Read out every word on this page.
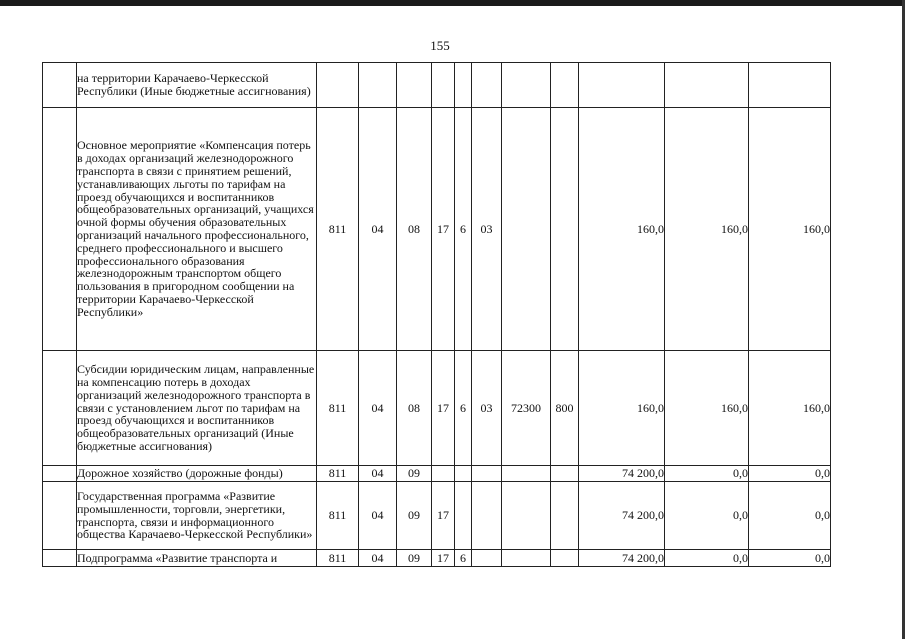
155
	на территории Карачаево-Черкесской Республики (Иные бюджетные ассигнования)											
	Основное мероприятие «Компенсация потерь в доходах организаций железнодорожного транспорта в связи с принятием решений, устанавливающих льготы по тарифам на проезд обучающихся и воспитанников общеобразовательных организаций, учащихся очной формы обучения образовательных организаций начального профессионального, среднего профессионального и высшего профессионального образования железнодорожным транспортом общего пользования в пригородном сообщении на территории Карачаево-Черкесской Республики»	811	04	08	17	6	03			160,0	160,0	160,0
	Субсидии юридическим лицам, направленные на компенсацию потерь в доходах организаций железнодорожного транспорта в связи с установлением льгот по тарифам на проезд обучающихся и воспитанников общеобразовательных организаций (Иные бюджетные ассигнования)	811	04	08	17	6	03	72300	800	160,0	160,0	160,0
	Дорожное хозяйство (дорожные фонды)	811	04	09						74 200,0	0,0	0,0
	Государственная программа «Развитие промышленности, торговли, энергетики, транспорта, связи и информационного общества Карачаево-Черкесской Республики»	811	04	09	17					74 200,0	0,0	0,0
	Подпрограмма «Развитие транспорта и	811	04	09	17	6				74 200,0	0,0	0,0
